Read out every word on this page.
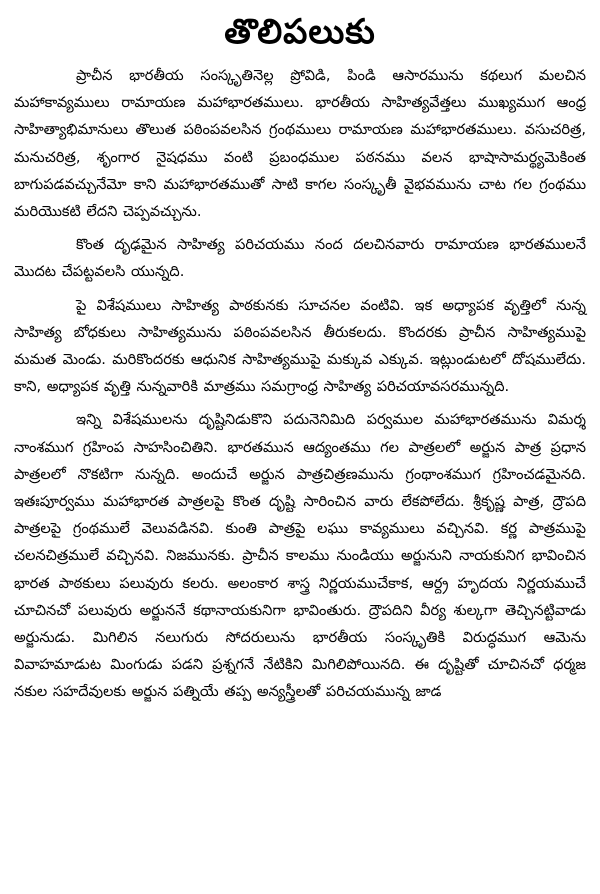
తొలిపలుకు

ప్రాచీన భారతీయ సంస్కృతినెల్ల ప్రోవిడి, పిండి ఆసారమును కథలుగ మలచిన మహాకావ్యములు రామాయణ మహాభారతములు. భారతీయ సాహిత్యవేత్తలు ముఖ్యముగ ఆంధ్ర సాహిత్యాభిమానులు తొలుత పఠింపవలసిన గ్రంథములు రామాయణ మహాభారతములు. వసుచరిత్ర, మనుచరిత్ర, శృంగార నైషధము వంటి ప్రబంధముల పఠనము వలన భాషాసామర్థ్యమెకింత బాగుపడవచ్చునేమో కాని మహాభారతముతో సాటి కాగల సంస్కృతీ వైభవమును చాట గల గ్రంథము మరియొకటి లేదని చెప్పవచ్చును.

కొంత దృఢమైన సాహిత్య పరిచయము నంద దలచినవారు రామాయణ భారతములనే మొదట చేపట్టవలసి యున్నది.

పై విశేషములు సాహిత్య పాఠకునకు సూచనల వంటివి. ఇక అధ్యాపక వృత్తిలో నున్న సాహిత్య బోధకులు సాహిత్యమును పఠింపవలసిన తీరుకలదు. కొందరకు ప్రాచీన సాహిత్యముపై మమత మెండు. మరికొందరకు ఆధునిక సాహిత్యముపై మక్కువ ఎక్కువ. ఇట్లుండుటలో దోషములేదు. కాని, అధ్యాపక వృత్తి నున్నవారికి మాత్రము సమగ్రాంధ్ర సాహిత్య పరిచయావసరమున్నది.

ఇన్ని విశేషములను దృష్టినిడుకొని పదునెనిమిది పర్వముల మహాభారతమును విమర్శ నాంశముగ గ్రహింప సాహసించితిని. భారతమున ఆద్యంతము గల పాత్రలలో అర్జున పాత్ర ప్రధాన పాత్రలలో నొకటిగా నున్నది. అందుచే అర్జున పాత్రచిత్రణమును గ్రంథాంశముగ గ్రహించడమైనది. ఇతఃపూర్వము మహాభారత పాత్రలపై కొంత దృష్టి సారించిన వారు లేకపోలేదు. శ్రీకృష్ణ పాత్ర, ద్రౌపది పాత్రలపై గ్రంథములే వెలువడినవి. కుంతి పాత్రపై లఘు కావ్యములు వచ్చినవి. కర్ణ పాత్రముపై చలనచిత్రములే వచ్చినవి. నిజమునకు. ప్రాచీన కాలము నుండియు అర్జునుని నాయకునిగ భావించిన భారత పాఠకులు పలువురు కలరు. అలంకార శాస్త్ర నిర్ణయముచేకాక, ఆర్ద్ర హృదయ నిర్ణయముచే చూచినచో పలువురు అర్జుననే కథానాయకునిగా భావింతురు. ద్రౌపదిని వీర్య శుల్కగా తెచ్చినట్టివాడు అర్జునుడు. మిగిలిన నలుగురు సోదరులును భారతీయ సంస్కృతికి విరుద్ధముగ ఆమెను వివాహమాడుట మింగుడు పడని ప్రశ్నగనే నేటికిని మిగిలిపోయినది. ఈ దృష్టితో చూచినచో ధర్మజ నకుల సహదేవులకు అర్జున పత్నియే తప్ప అన్యస్త్రీలతో పరిచయమున్న జాడ
